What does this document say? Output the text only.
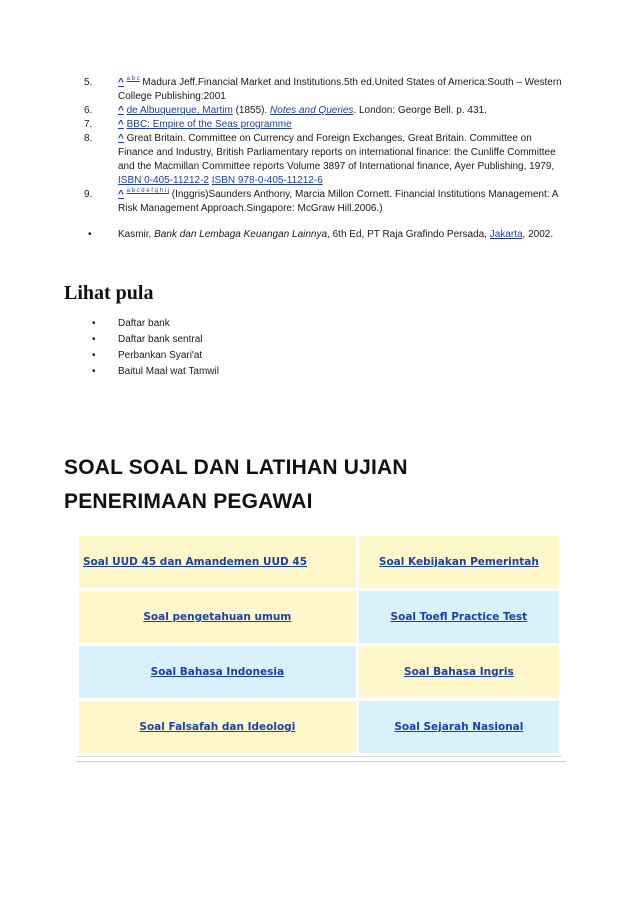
5.	^ $^{a b c}$ Madura Jeff.Financial Market and Institutions.5th ed.United States of America:South – Western College Publishing:2001

6.	^ de Albuquerque, Martim (1855). Notes and Queries. London: George Bell. p. 431.

7.	^ BBC: Empire of the Seas programme

8.	^ Great Britain. Committee on Currency and Foreign Exchanges, Great Britain. Committee on Finance and Industry, British Parliamentary reports on international finance: the Cunliffe Committee and the Macmillan Committee reports Volume 3897 of International finance, Ayer Publishing, 1979, ISBN 0-405-11212-2 ISBN 978-0-405-11212-6

9.	^ $^{a b c d e f g h i j}$ (Inggris)Saunders Anthony, Marcia Millon Cornett. Financial Institutions Management: A Risk Management Approach.Singapore: McGraw Hill.2006.)

•	Kasmir, Bank dan Lembaga Keuangan Lainnya, 6th Ed, PT Raja Grafindo Persada, Jakarta, 2002.
Lihat pula
• Daftar bank
• Daftar bank sentral
• Perbankan Syari'at
• Baitul Maal wat Tamwil
SOAL SOAL DAN LATIHAN UJIAN
PENERIMAAN PEGAWAI
Soal UUD 45 dan Amandemen UUD 45	Soal Kebijakan Pemerintah
Soal pengetahuan umum	Soal Toefl Practice Test
Soal Bahasa Indonesia	Soal Bahasa Ingris
Soal Falsafah dan Ideologi	Soal Sejarah Nasional
